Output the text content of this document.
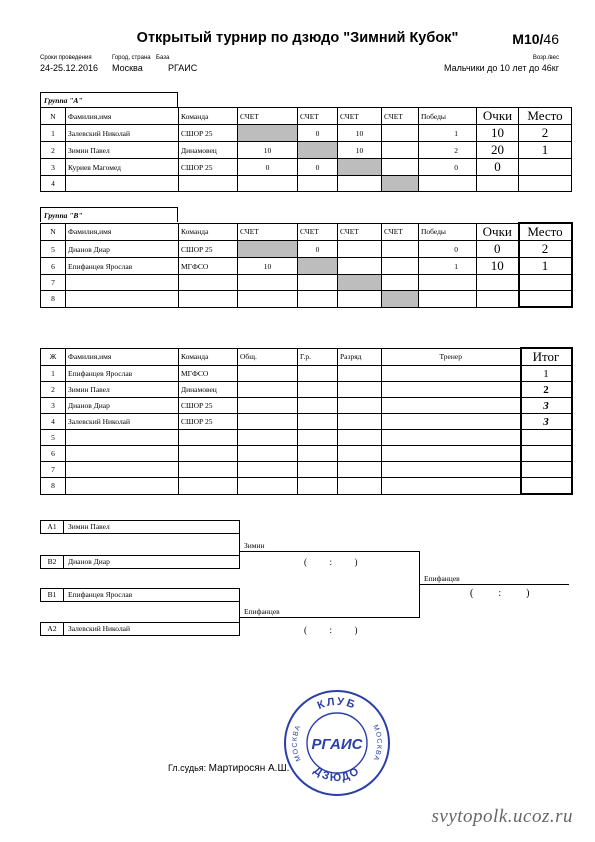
Открытый турнир по дзюдо "Зимний Кубок"	М10/46
Сроки проведения	Город, страна База
24-25.12.2016 Москва	РГАИС
Возр./вес
Мальчики до 10 лет до 46кг
Группа "А"
N	Фамилия,имя	Команда	СЧЕТ	СЧЕТ	СЧЕТ	СЧЕТ	Победы	Очки	Место
1	Залевский Николай	СШОР 25		0	10		1	10	2
2	Зимин Павел	Динамовец	10		10		2	20	1
3	Куриев Магомед	СШОР 25	0	0			0	0	
4									
Группа "В"
N	Фамилия,имя	Команда	СЧЕТ	СЧЕТ	СЧЕТ	СЧЕТ	Победы	Очки	Место
5	Дианов Диар	СШОР 25		0			0	0	2
6	Епифанцев Ярослав	МГФСО	10				1	10	1
7									
8									
Ж	Фамилия,имя	Команда	Общ.	Г.р.	Разряд	Тренер	Итог
1	Епифанцев Ярослав	МГФСО					1
2	Зимин Павел	Динамовец					2
3	Дианов Диар	СШОР 25					3
4	Залевский Николай	СШОР 25					3
5							
6							
7							
8							
А1 Зимин Павел
В2 Дианов Диар
В1 Епифанцев Ярослав
А2 Залевский Николай
Зимин
(          :          )
Епифанцев
(          :          )
Епифанцев
(          :          )
КЛУБ
ДЗЮДО
МОСКВА	МОСКВА
РГАИС
Гл.судья: Мартиросян А.Ш.
svytopolk.ucoz.ru
